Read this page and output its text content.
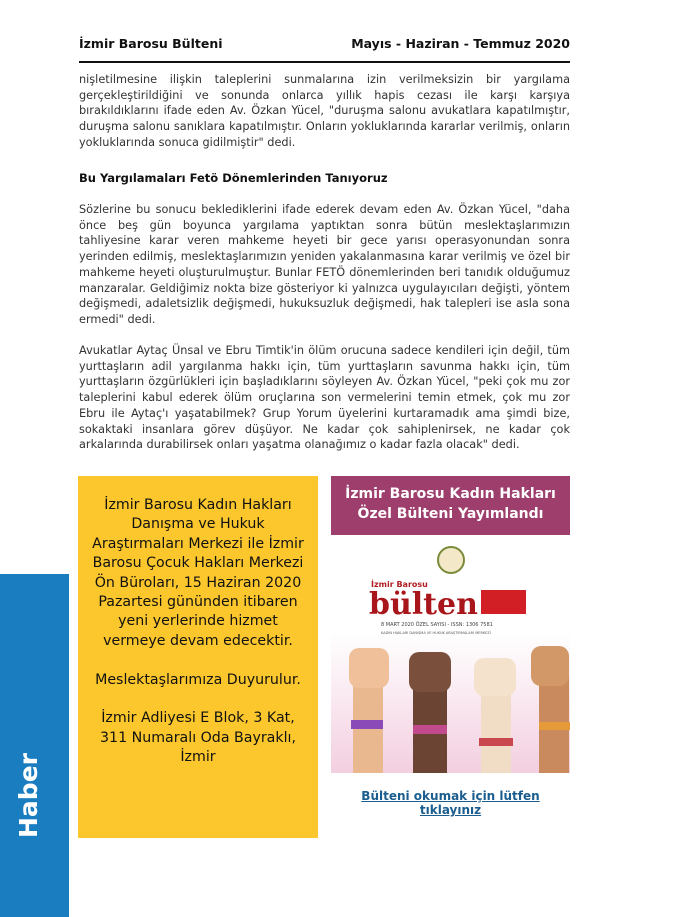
İzmir Barosu Bülteni	Mayıs - Haziran - Temmuz 2020

nişletilmesine ilişkin taleplerini sunmalarına izin verilmeksizin bir yargılama gerçekleştirildiğini ve sonunda onlarca yıllık hapis cezası ile karşı karşıya bırakıldıklarını ifade eden Av. Özkan Yücel, "duruşma salonu avukatlara kapatılmıştır, duruşma salonu sanıklara kapatılmıştır. Onların yokluklarında kararlar verilmiş, onların yokluklarında sonuca gidilmiştir" dedi.

Bu Yargılamaları Fetö Dönemlerinden Tanıyoruz

Sözlerine bu sonucu beklediklerini ifade ederek devam eden Av. Özkan Yücel, "daha önce beş gün boyunca yargılama yaptıktan sonra bütün meslektaşlarımızın tahliyesine karar veren mahkeme heyeti bir gece yarısı operasyonundan sonra yerinden edilmiş, meslektaşlarımızın yeniden yakalanmasına karar verilmiş ve özel bir mahkeme heyeti oluşturulmuştur. Bunlar FETÖ dönemlerinden beri tanıdık olduğumuz manzaralar. Geldiğimiz nokta bize gösteriyor ki yalnızca uygulayıcıları değişti, yöntem değişmedi, adaletsizlik değişmedi, hukuksuzluk değişmedi, hak talepleri ise asla sona ermedi" dedi.

Avukatlar Aytaç Ünsal ve Ebru Timtik'in ölüm orucuna sadece kendileri için değil, tüm yurttaşların adil yargılanma hakkı için, tüm yurttaşların savunma hakkı için, tüm yurttaşların özgürlükleri için başladıklarını söyleyen Av. Özkan Yücel, "peki çok mu zor taleplerini kabul ederek ölüm oruçlarına son vermelerini temin etmek, çok mu zor Ebru ile Aytaç'ı yaşatabilmek? Grup Yorum üyelerini kurtaramadık ama şimdi bize, sokaktaki insanlara görev düşüyor. Ne kadar çok sahiplenirsek, ne kadar çok arkalarında durabilirsek onları yaşatma olanağımız o kadar fazla olacak" dedi.

İzmir Barosu Kadın Hakları Danışma ve Hukuk Araştırmaları Merkezi ile İzmir Barosu Çocuk Hakları Merkezi Ön Büroları, 15 Haziran 2020 Pazartesi gününden itibaren yeni yerlerinde hizmet vermeye devam edecektir.

Meslektaşlarımıza Duyurulur.

İzmir Adliyesi E Blok, 3 Kat, 311 Numaralı Oda Bayraklı, İzmir

İzmir Barosu Kadın Hakları Özel Bülteni Yayımlandı
İzmir Barosu
bülten
8 MART 2020 ÖZEL SAYISI - ISSN: 1306 7581
KADIN HAKLARI DANIŞMA VE HUKUK ARAŞTIRMALARI MERKEZİ
Bülteni okumak için lütfen tıklayınız
Haber
